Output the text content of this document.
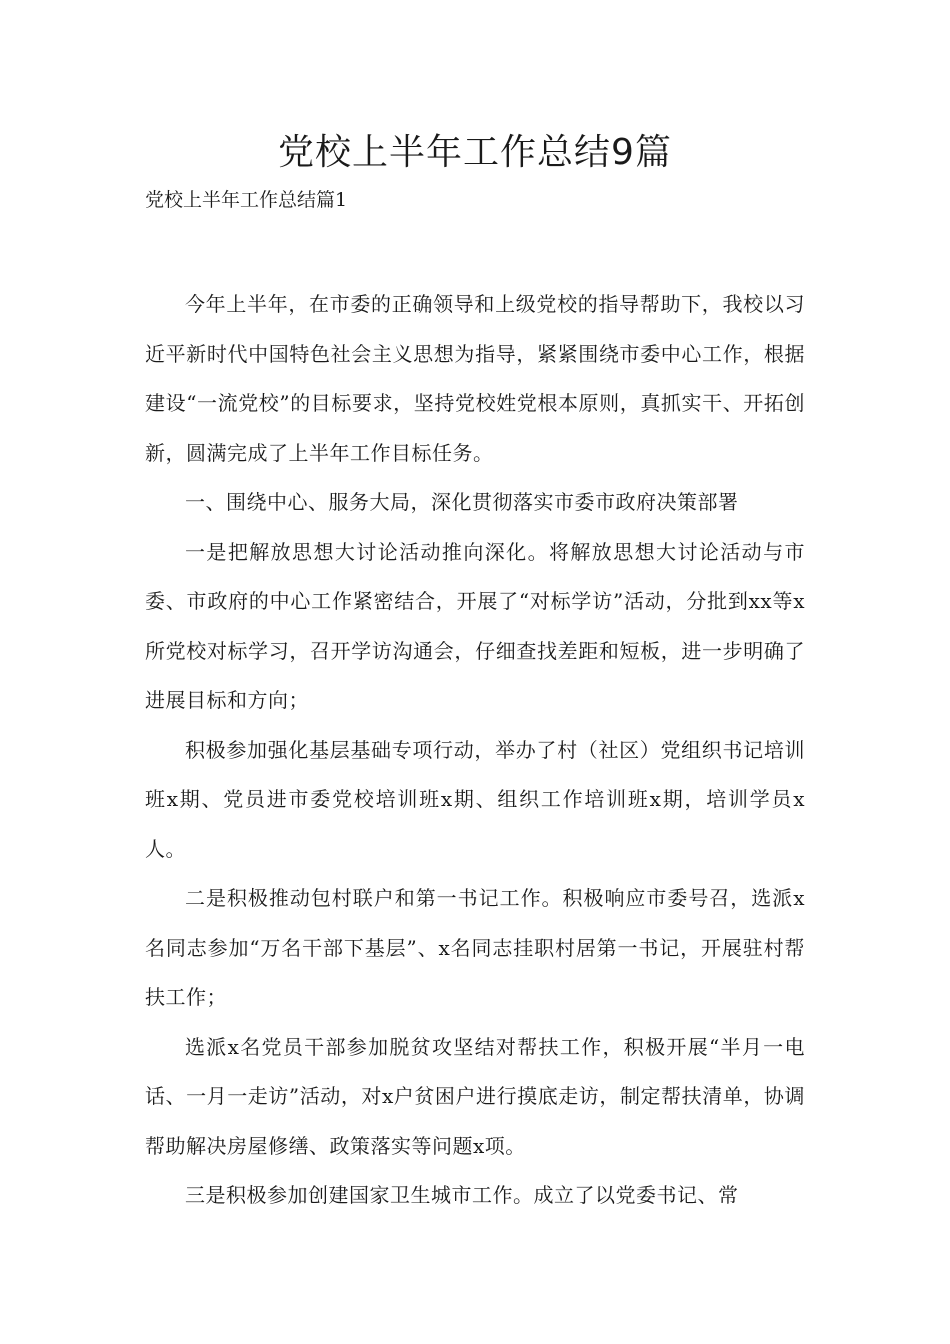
党校上半年工作总结9篇

党校上半年工作总结篇1

今年上半年，在市委的正确领导和上级党校的指导帮助下，我校以习近平新时代中国特色社会主义思想为指导，紧紧围绕市委中心工作，根据建设“一流党校”的目标要求，坚持党校姓党根本原则，真抓实干、开拓创新，圆满完成了上半年工作目标任务。

一、围绕中心、服务大局，深化贯彻落实市委市政府决策部署

一是把解放思想大讨论活动推向深化。将解放思想大讨论活动与市委、市政府的中心工作紧密结合，开展了“对标学访”活动，分批到xx等x所党校对标学习，召开学访沟通会，仔细查找差距和短板，进一步明确了进展目标和方向；

积极参加强化基层基础专项行动，举办了村（社区）党组织书记培训班x期、党员进市委党校培训班x期、组织工作培训班x期，培训学员x人。

二是积极推动包村联户和第一书记工作。积极响应市委号召，选派x名同志参加“万名干部下基层”、x名同志挂职村居第一书记，开展驻村帮扶工作；

选派x名党员干部参加脱贫攻坚结对帮扶工作，积极开展“半月一电话、一月一走访”活动，对x户贫困户进行摸底走访，制定帮扶清单，协调帮助解决房屋修缮、政策落实等问题x项。

三是积极参加创建国家卫生城市工作。成立了以党委书记、常
